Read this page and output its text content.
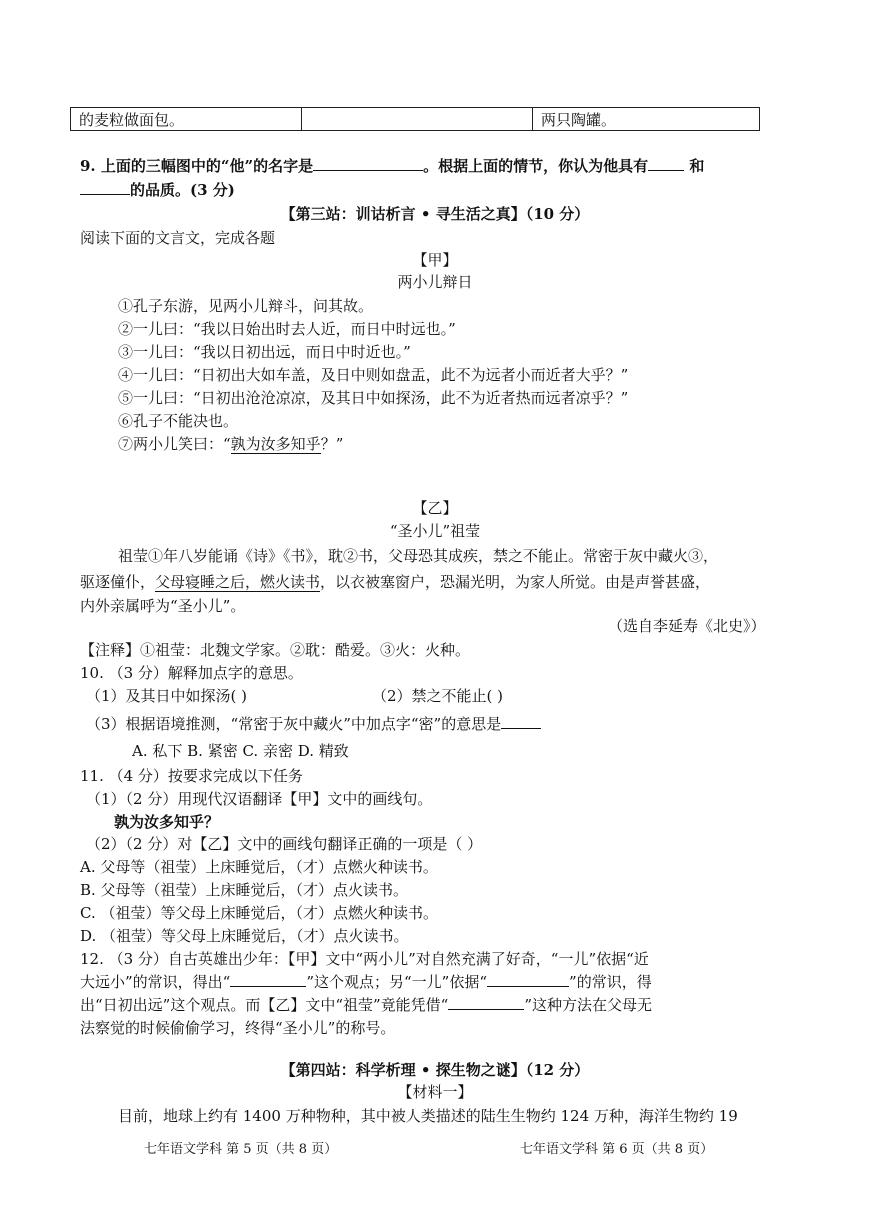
的麦粒做面包。		两只陶罐。
9. 上面的三幅图中的“他”的名字是	。根据上面的情节，你认为他具有	和
的品质。(3 分)
【第三站：训诂析言 • 寻生活之真】（10 分）
阅读下面的文言文，完成各题
【甲】
两小儿辩日
①孔子东游，见两小儿辩斗，问其故。
②一儿曰：“我以日始出时去人近，而日中时远也。”
③一儿曰：“我以日初出远，而日中时近也。”
④一儿曰：“日初出大如车盖，及日中则如盘盂，此不为远者小而近者大乎？”
⑤一儿曰：“日初出沧沧凉凉，及其日中如探汤，此不为近者热而远者凉乎？”
⑥孔子不能决也。
⑦两小儿笑曰：“孰为汝多知乎？”
【乙】
“圣小儿”祖莹
祖莹①年八岁能诵《诗》《书》，耽②书，父母恐其成疾，禁之不能止。常密于灰中藏火③，
驱逐僮仆，父母寝睡之后，燃火读书，以衣被塞窗户，恐漏光明，为家人所觉。由是声誉甚盛，
内外亲属呼为“圣小儿”。
（选自李延寿《北史》）
【注释】①祖莹：北魏文学家。②耽：酷爱。③火：火种。
10. （3 分）解释加点字的意思。
（1）及其日中如探汤( )	（2）禁之不能止( )
（3）根据语境推测，“常密于灰中藏火”中加点字“密”的意思是
A. 私下 B. 紧密 C. 亲密 D. 精致
11. （4 分）按要求完成以下任务
（1）（2 分）用现代汉语翻译【甲】文中的画线句。
孰为汝多知乎？
（2）（2 分）对【乙】文中的画线句翻译正确的一项是（ ）
A. 父母等（祖莹）上床睡觉后，（才）点燃火种读书。
B. 父母等（祖莹）上床睡觉后，（才）点火读书。
C. （祖莹）等父母上床睡觉后，（才）点燃火种读书。
D. （祖莹）等父母上床睡觉后，（才）点火读书。
12. （3 分）自古英雄出少年：【甲】文中“两小儿”对自然充满了好奇，“一儿”依据“近
大远小”的常识，得出“	”这个观点；另“一儿”依据“	”的常识，得
出“日初出远”这个观点。而【乙】文中“祖莹”竟能凭借“	”这种方法在父母无
法察觉的时候偷偷学习，终得“圣小儿”的称号。
【第四站：科学析理 • 探生物之谜】（12 分）
【材料一】
目前，地球上约有 1400 万种物种，其中被人类描述的陆生生物约 124 万种，海洋生物约 19
七年语文学科 第 5 页（共 8 页）	七年语文学科 第 6 页（共 8 页）
